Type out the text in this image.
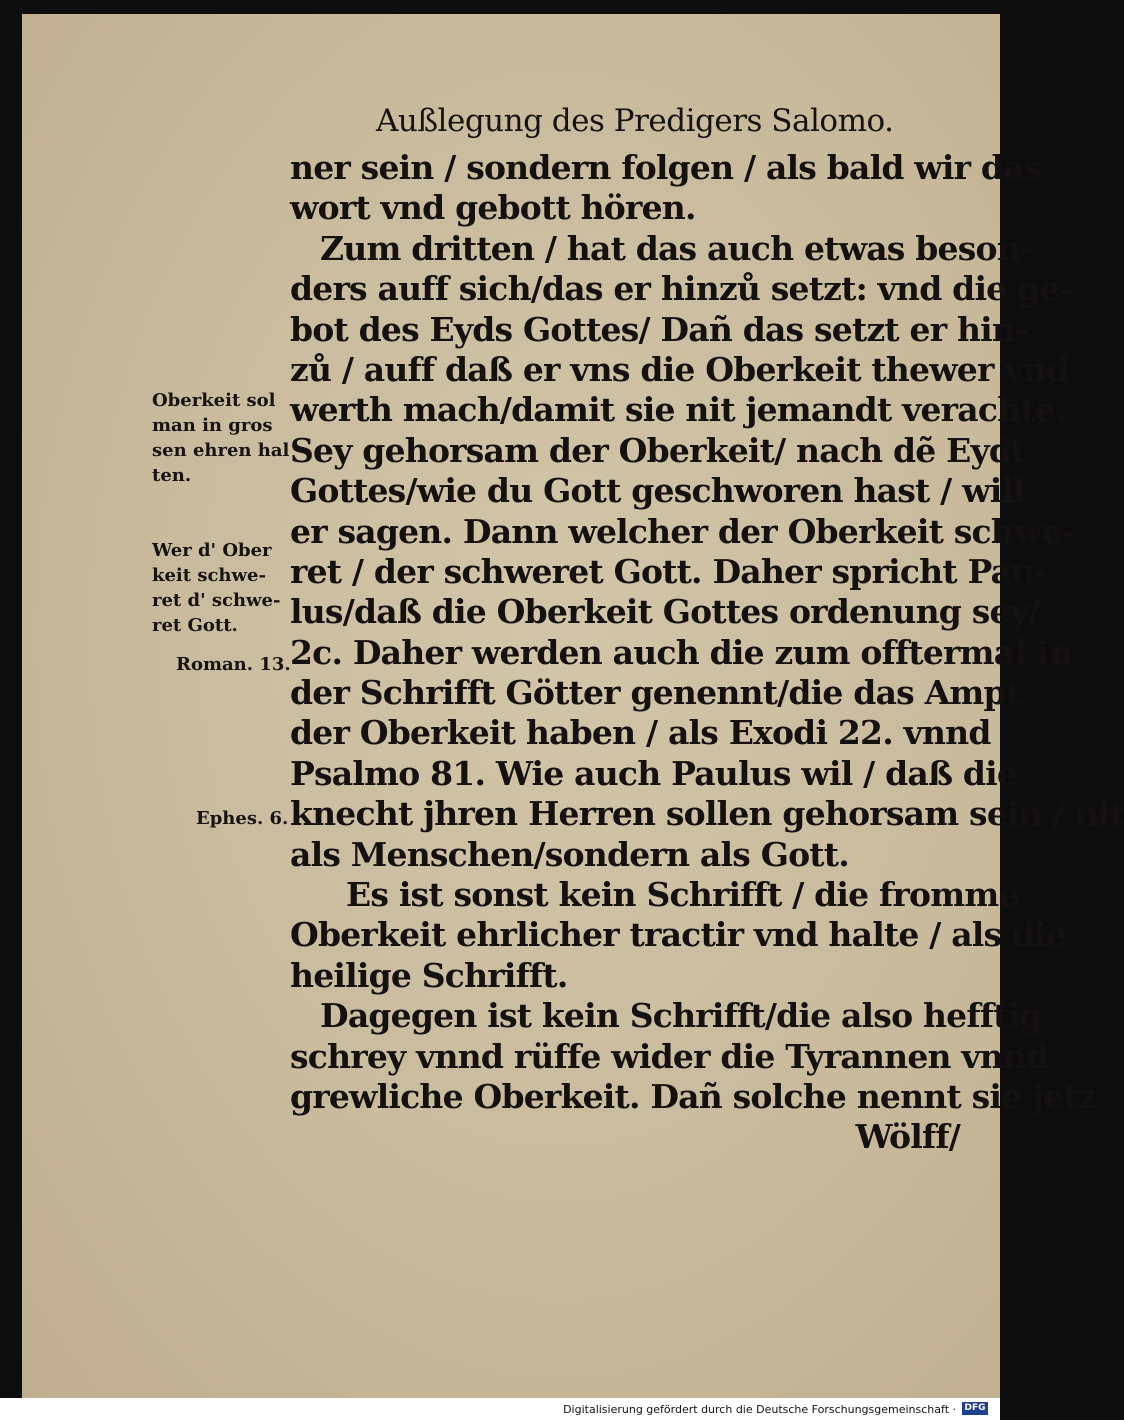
Außlegung des Predigers Salomo.
ner sein / sondern folgen / als bald wir das
wort vnd gebott hören.
Zum dritten / hat das auch etwas beson-
ders auff sich/das er hinzů setzt: vnd die ge-
bot des Eyds Gottes/ Dañ das setzt er hin-
zů / auff daß er vns die Oberkeit thewer vnd
werth mach/damit sie nit jemandt verachte.
Sey gehorsam der Oberkeit/ nach dẽ Eydt
Gottes/wie du Gott geschworen hast / will
er sagen. Dann welcher der Oberkeit schwe-
ret / der schweret Gott. Daher spricht Pau-
lus/daß die Oberkeit Gottes ordenung sey/
2c. Daher werden auch die zum offtermal in
der Schrifft Götter genennt/die das Ampt
der Oberkeit haben / als Exodi 22. vnnd
Psalmo 81. Wie auch Paulus wil / daß die
knecht jhren Herren sollen gehorsam sein / nit
als Menschen/sondern als Gott.
Es ist sonst kein Schrifft / die fromme
Oberkeit ehrlicher tractir vnd halte / als die
heilige Schrifft.
Dagegen ist kein Schrifft/die also hefftig
schrey vnnd rüffe wider die Tyrannen vnnd
grewliche Oberkeit. Dañ solche nennt sie jetz
Wölff/
Oberkeit sol
man in gros
sen ehren hal
ten.
Wer d' Ober
keit schwe-
ret d' schwe-
ret Gott.
Roman. 13.
Ephes. 6.
Digitalisierung gefördert durch die Deutsche Forschungsgemeinschaft · DFG
